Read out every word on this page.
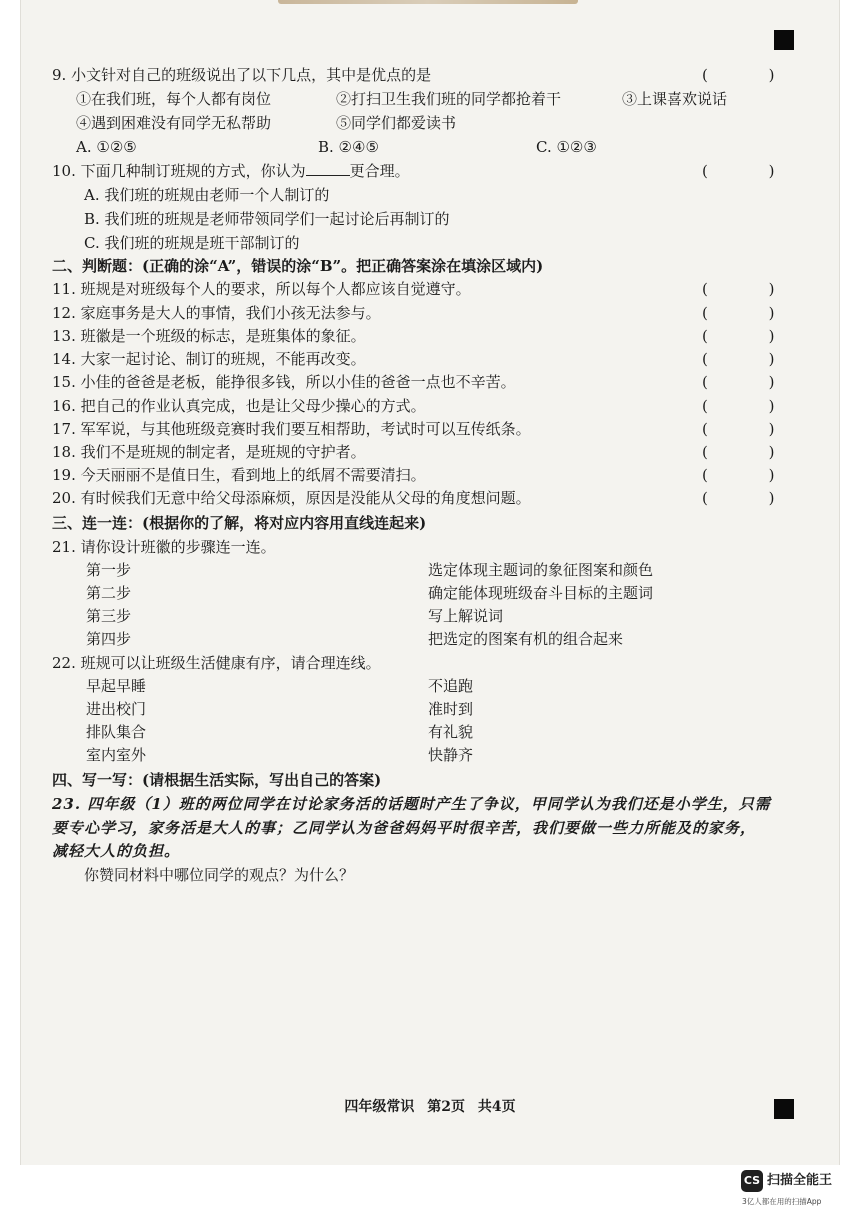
9. 小文针对自己的班级说出了以下几点，其中是优点的是	( )
①在我们班，每个人都有岗位	②打扫卫生我们班的同学都抢着干	③上课喜欢说话
④遇到困难没有同学无私帮助	⑤同学们都爱读书
A. ①②⑤	B. ②④⑤	C. ①②③
10. 下面几种制订班规的方式，你认为	更合理。	( )
A. 我们班的班规由老师一个人制订的
B. 我们班的班规是老师带领同学们一起讨论后再制订的
C. 我们班的班规是班干部制订的
二、判断题：(正确的涂“A”，错误的涂“B”。把正确答案涂在填涂区域内)
11. 班规是对班级每个人的要求，所以每个人都应该自觉遵守。	( )
12. 家庭事务是大人的事情，我们小孩无法参与。	( )
13. 班徽是一个班级的标志，是班集体的象征。	( )
14. 大家一起讨论、制订的班规，不能再改变。	( )
15. 小佳的爸爸是老板，能挣很多钱，所以小佳的爸爸一点也不辛苦。	( )
16. 把自己的作业认真完成，也是让父母少操心的方式。	( )
17. 军军说，与其他班级竞赛时我们要互相帮助，考试时可以互传纸条。	( )
18. 我们不是班规的制定者，是班规的守护者。	( )
19. 今天丽丽不是值日生，看到地上的纸屑不需要清扫。	( )
20. 有时候我们无意中给父母添麻烦，原因是没能从父母的角度想问题。	( )
三、连一连：(根据你的了解，将对应内容用直线连起来)
21. 请你设计班徽的步骤连一连。
第一步	选定体现主题词的象征图案和颜色
第二步	确定能体现班级奋斗目标的主题词
第三步	写上解说词
第四步	把选定的图案有机的组合起来
22. 班规可以让班级生活健康有序，请合理连线。
早起早睡	不追跑
进出校门	准时到
排队集合	有礼貌
室内室外	快静齐
四、写一写：(请根据生活实际，写出自己的答案)
23. 四年级（1）班的两位同学在讨论家务活的话题时产生了争议，甲同学认为我们还是小学生，只需
要专心学习，家务活是大人的事；乙同学认为爸爸妈妈平时很辛苦，我们要做一些力所能及的家务，
减轻大人的负担。
你赞同材料中哪位同学的观点？为什么？
四年级常识 第2页 共4页
CS 扫描全能王
3亿人都在用的扫描App
